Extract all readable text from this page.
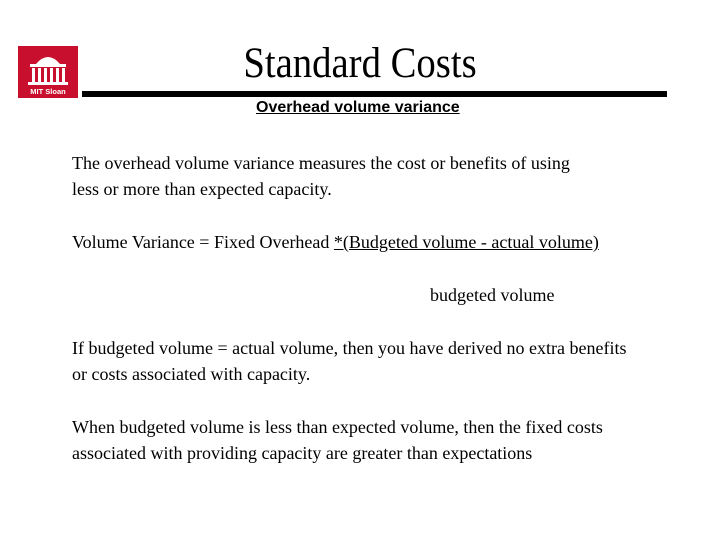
MIT Sloan
Standard Costs
Overhead volume variance
The overhead volume variance measures the cost or benefits of using
less or more than expected capacity.
Volume Variance = Fixed Overhead *(Budgeted volume - actual volume)
budgeted volume
If budgeted volume = actual volume, then you have derived no extra benefits
or costs associated with capacity.
When budgeted volume is less than expected volume, then the fixed costs
associated with providing capacity are greater than expectations
